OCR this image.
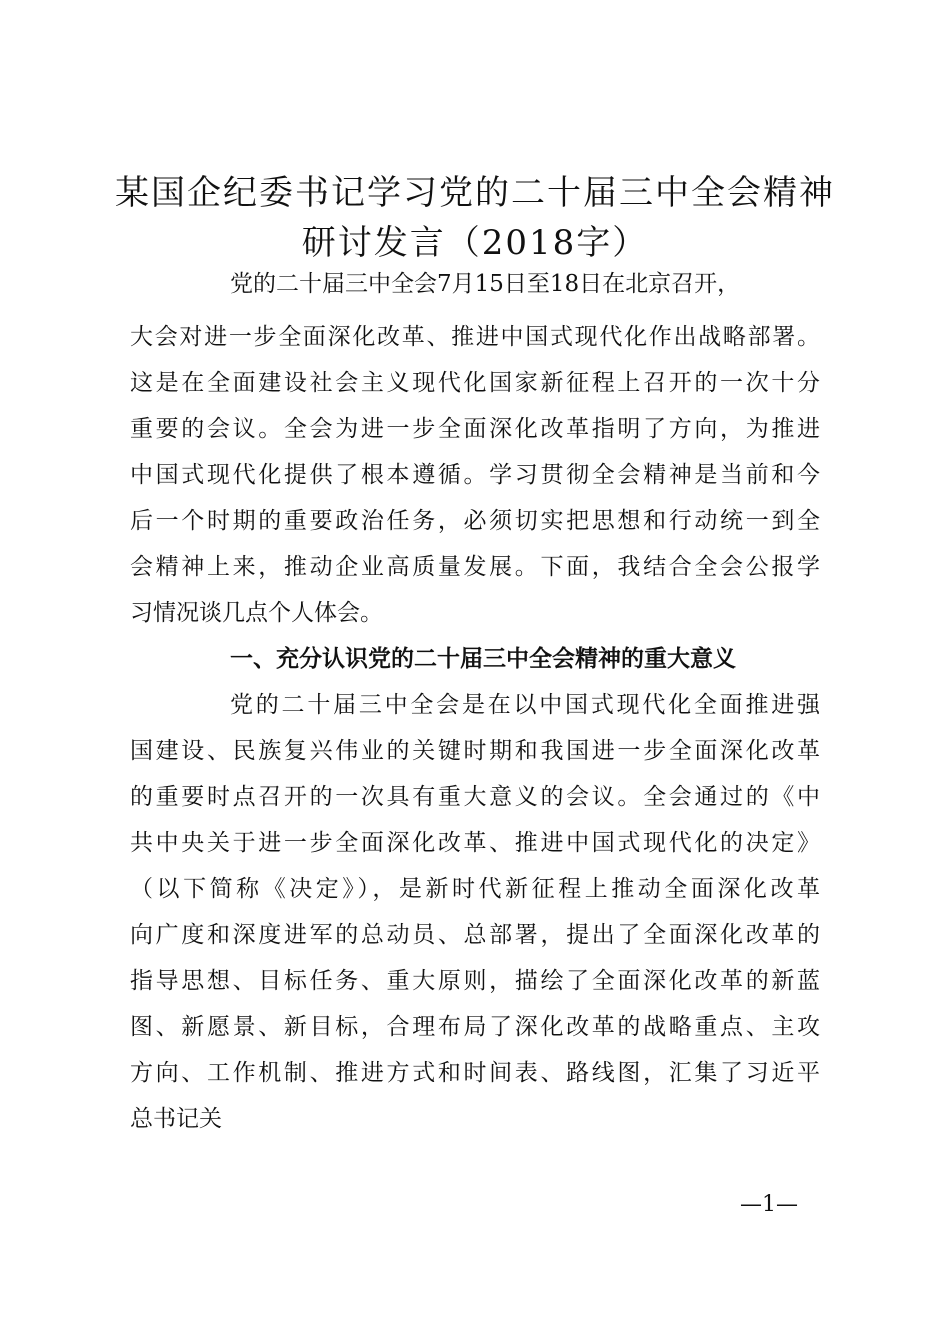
某国企纪委书记学习党的二十届三中全会精神
研讨发言（2018字）
党的二十届三中全会7月15日至18日在北京召开，
大会对进一步全面深化改革、推进中国式现代化作出战略部署。
这是在全面建设社会主义现代化国家新征程上召开的一次十分
重要的会议。全会为进一步全面深化改革指明了方向，为推进
中国式现代化提供了根本遵循。学习贯彻全会精神是当前和今
后一个时期的重要政治任务，必须切实把思想和行动统一到全
会精神上来，推动企业高质量发展。下面，我结合全会公报学
习情况谈几点个人体会。
一、充分认识党的二十届三中全会精神的重大意义
党的二十届三中全会是在以中国式现代化全面推进强
国建设、民族复兴伟业的关键时期和我国进一步全面深化改革
的重要时点召开的一次具有重大意义的会议。全会通过的《中
共中央关于进一步全面深化改革、推进中国式现代化的决定》
（以下简称《决定》），是新时代新征程上推动全面深化改革
向广度和深度进军的总动员、总部署，提出了全面深化改革的
指导思想、目标任务、重大原则，描绘了全面深化改革的新蓝
图、新愿景、新目标，合理布局了深化改革的战略重点、主攻
方向、工作机制、推进方式和时间表、路线图，汇集了习近平
总书记关
—1—
